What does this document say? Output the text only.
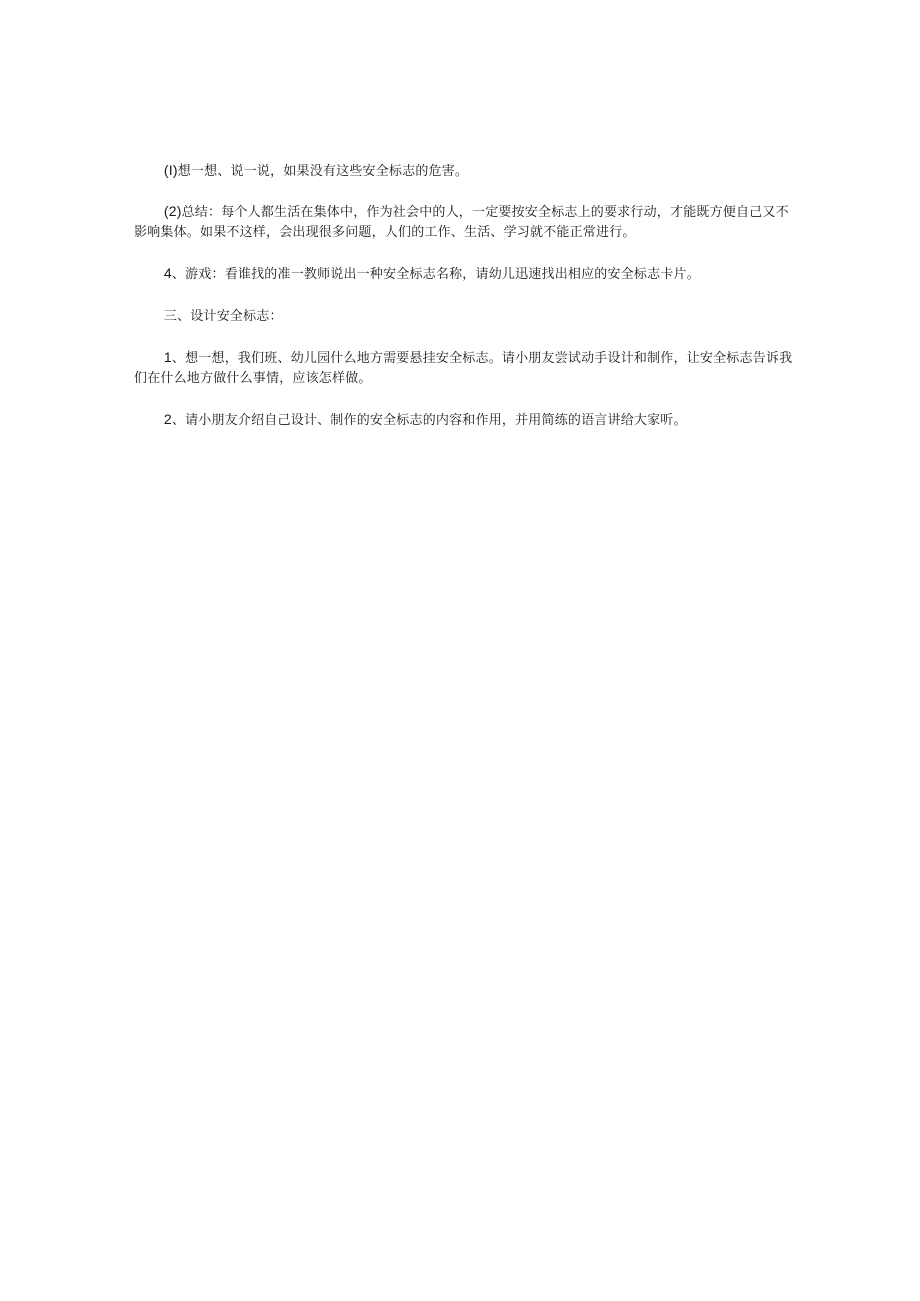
(I)想一想、说一说，如果没有这些安全标志的危害。

(2)总结：每个人都生活在集体中，作为社会中的人，一定要按安全标志上的要求行动，才能既方便自己又不影响集体。如果不这样，会出现很多问题，人们的工作、生活、学习就不能正常进行。

4、游戏：看谁找的准一教师说出一种安全标志名称，请幼儿迅速找出相应的安全标志卡片。

三、设计安全标志：

1、想一想，我们班、幼儿园什么地方需要悬挂安全标志。请小朋友尝试动手设计和制作，让安全标志告诉我们在什么地方做什么事情，应该怎样做。

2、请小朋友介绍自己设计、制作的安全标志的内容和作用，并用简练的语言讲给大家听。
